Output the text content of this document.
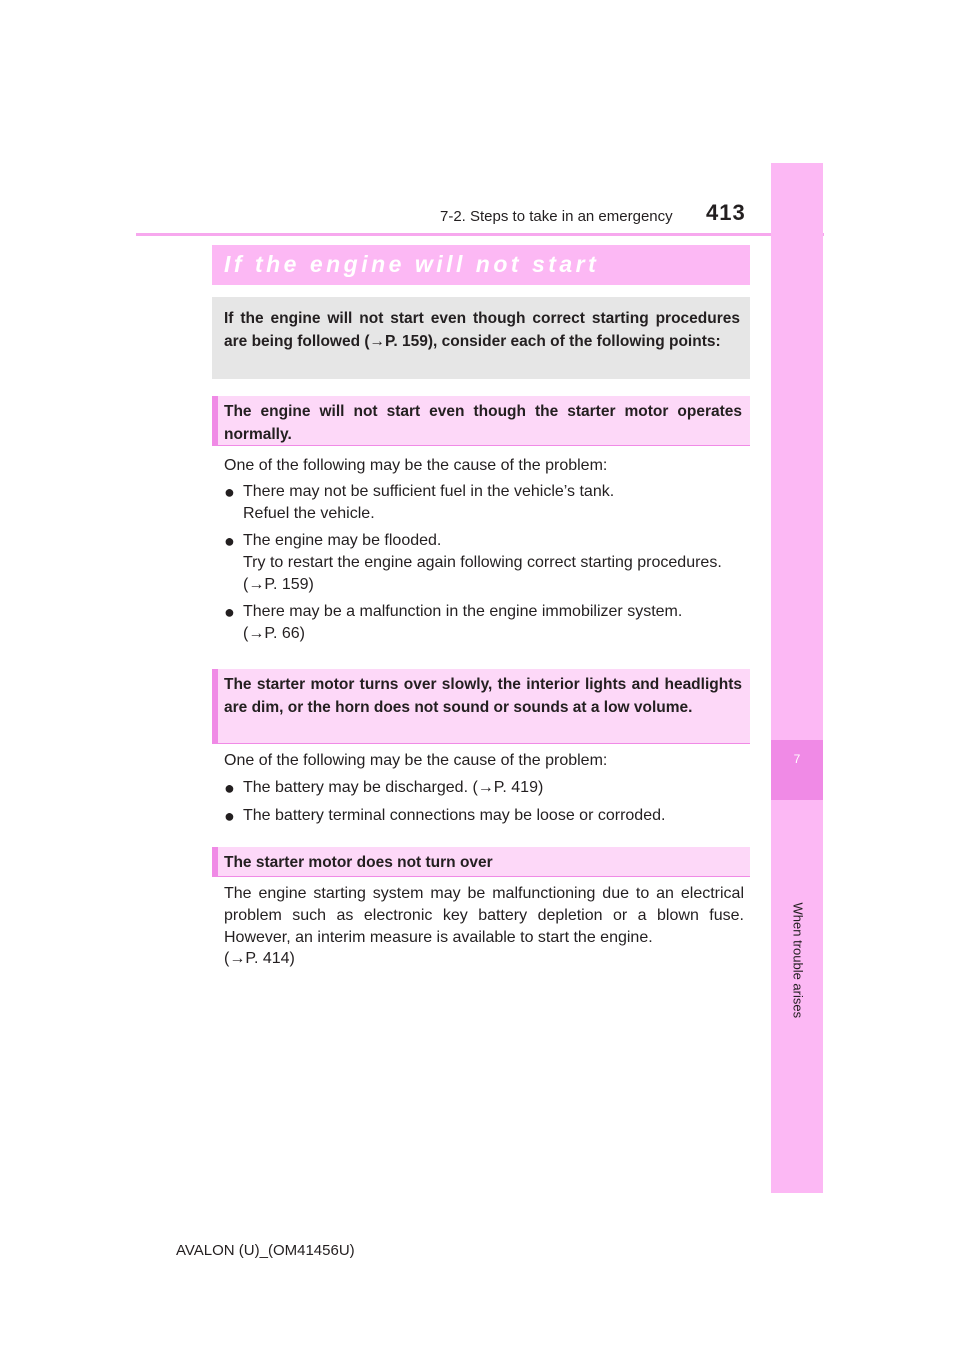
7-2. Steps to take in an emergency 413
7
When trouble arises
If the engine will not start
If the engine will not start even though correct starting procedures are being followed (→P. 159), consider each of the following points:
The engine will not start even though the starter motor operates normally.
One of the following may be the cause of the problem:
● There may not be sufficient fuel in the vehicle’s tank.
Refuel the vehicle.
● The engine may be flooded.
Try to restart the engine again following correct starting procedures.
(→P. 159)
● There may be a malfunction in the engine immobilizer system.
(→P. 66)
The starter motor turns over slowly, the interior lights and headlights are dim, or the horn does not sound or sounds at a low volume.
One of the following may be the cause of the problem:
● The battery may be discharged. (→P. 419)
● The battery terminal connections may be loose or corroded.
The starter motor does not turn over
The engine starting system may be malfunctioning due to an electrical problem such as electronic key battery depletion or a blown fuse. However, an interim measure is available to start the engine.
(→P. 414)
AVALON (U)_(OM41456U)
